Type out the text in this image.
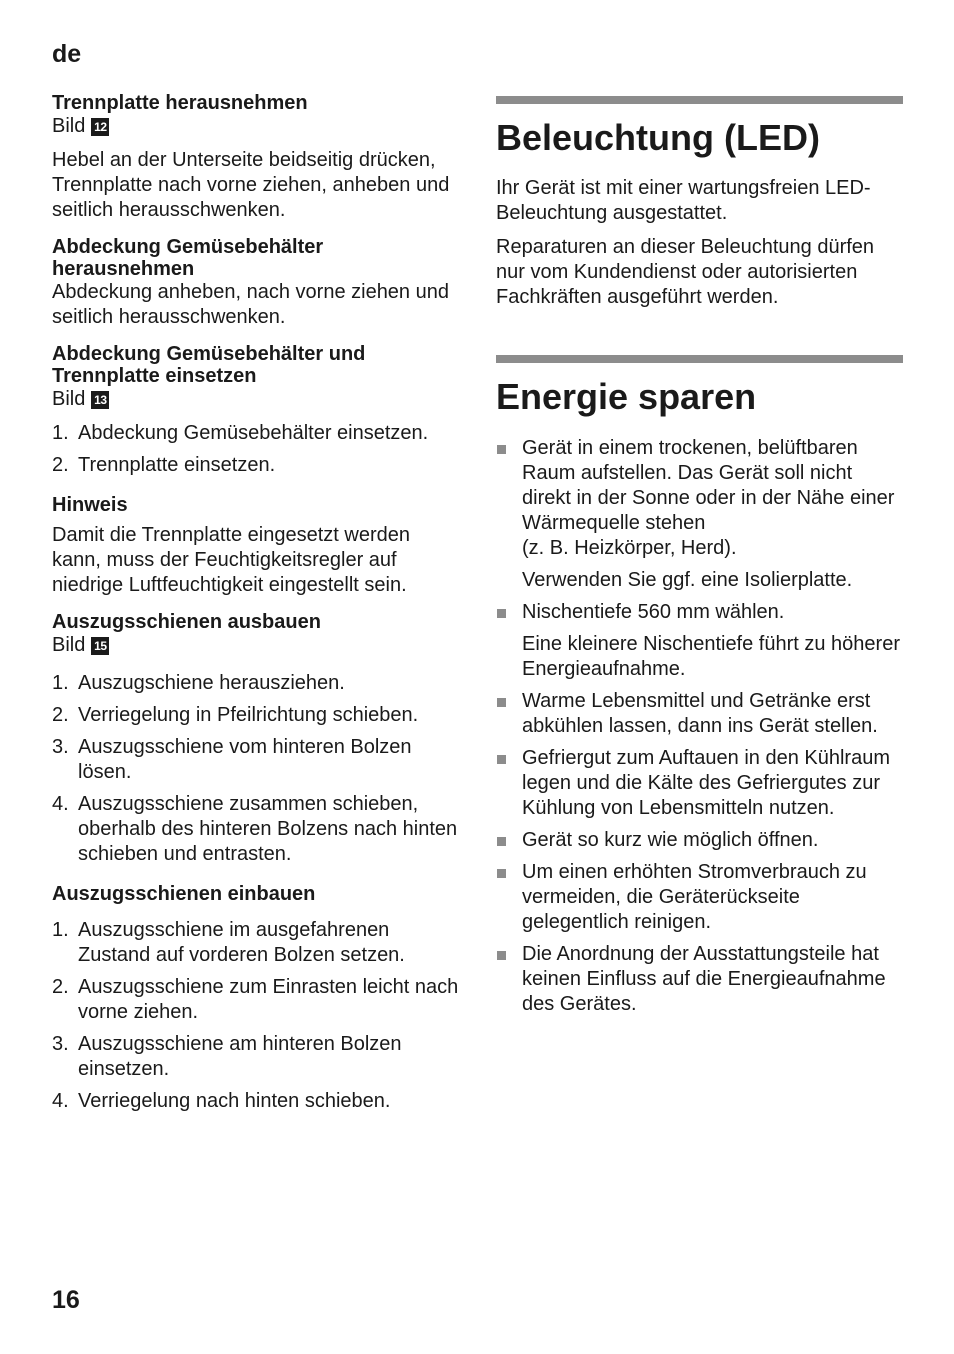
de

Trennplatte herausnehmen

Bild 12

Hebel an der Unterseite beidseitig drücken, Trennplatte nach vorne ziehen, anheben und seitlich herausschwenken.

Abdeckung Gemüsebehälter
herausnehmen

Abdeckung anheben, nach vorne ziehen und seitlich herausschwenken.

Abdeckung Gemüsebehälter und
Trennplatte einsetzen

Bild 13

1. Abdeckung Gemüsebehälter einsetzen.
2. Trennplatte einsetzen.

Hinweis

Damit die Trennplatte eingesetzt werden kann, muss der Feuchtigkeitsregler auf niedrige Luftfeuchtigkeit eingestellt sein.

Auszugsschienen ausbauen

Bild 15

1. Auszugschiene herausziehen.
2. Verriegelung in Pfeilrichtung schieben.
3. Auszugsschiene vom hinteren Bolzen lösen.
4. Auszugsschiene zusammen schieben, oberhalb des hinteren Bolzens nach hinten schieben und entrasten.

Auszugsschienen einbauen

1. Auszugsschiene im ausgefahrenen Zustand auf vorderen Bolzen setzen.
2. Auszugsschiene zum Einrasten leicht nach vorne ziehen.
3. Auszugsschiene am hinteren Bolzen einsetzen.
4. Verriegelung nach hinten schieben.

Beleuchtung (LED)

Ihr Gerät ist mit einer wartungsfreien LED-Beleuchtung ausgestattet.

Reparaturen an dieser Beleuchtung dürfen nur vom Kundendienst oder autorisierten Fachkräften ausgeführt werden.

Energie sparen

Gerät in einem trockenen, belüftbaren Raum aufstellen. Das Gerät soll nicht direkt in der Sonne oder in der Nähe einer Wärmequelle stehen
(z. B. Heizkörper, Herd).

Verwenden Sie ggf. eine Isolierplatte.

Nischentiefe 560 mm wählen.

Eine kleinere Nischentiefe führt zu höherer Energieaufnahme.

Warme Lebensmittel und Getränke erst abkühlen lassen, dann ins Gerät stellen.
Gefriergut zum Auftauen in den Kühlraum legen und die Kälte des Gefriergutes zur Kühlung von Lebensmitteln nutzen.
Gerät so kurz wie möglich öffnen.
Um einen erhöhten Stromverbrauch zu vermeiden, die Geräterückseite gelegentlich reinigen.
Die Anordnung der Ausstattungsteile hat keinen Einfluss auf die Energieaufnahme des Gerätes.
16
